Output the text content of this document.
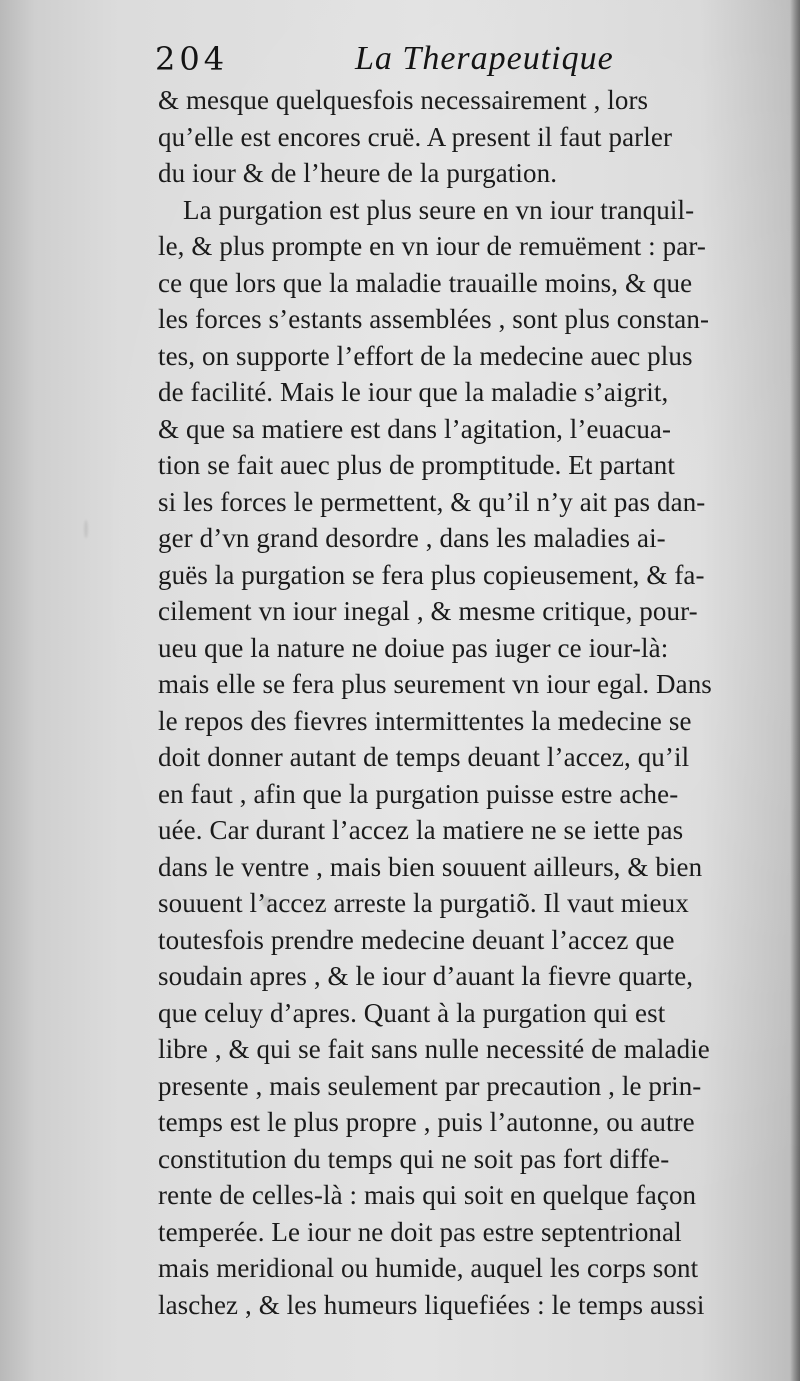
204	La Therapeutique
& mesque quelquesfois necessairement , lors
qu’elle est encores cruë. A present il faut parler
du iour & de l’heure de la purgation.
La purgation est plus seure en vn iour tranquil-
le, & plus prompte en vn iour de remuëment : par-
ce que lors que la maladie trauaille moins, & que
les forces s’estants assemblées , sont plus constan-
tes, on supporte l’effort de la medecine auec plus
de facilité. Mais le iour que la maladie s’aigrit,
& que sa matiere est dans l’agitation, l’euacua-
tion se fait auec plus de promptitude. Et partant
si les forces le permettent, & qu’il n’y ait pas dan-
ger d’vn grand desordre , dans les maladies ai-
guës la purgation se fera plus copieusement, & fa-
cilement vn iour inegal , & mesme critique, pour-
ueu que la nature ne doiue pas iuger ce iour-là:
mais elle se fera plus seurement vn iour egal. Dans
le repos des fievres intermittentes la medecine se
doit donner autant de temps deuant l’accez, qu’il
en faut , afin que la purgation puisse estre ache-
uée. Car durant l’accez la matiere ne se iette pas
dans le ventre , mais bien souuent ailleurs, & bien
souuent l’accez arreste la purgatiõ. Il vaut mieux
toutesfois prendre medecine deuant l’accez que
soudain apres , & le iour d’auant la fievre quarte,
que celuy d’apres. Quant à la purgation qui est
libre , & qui se fait sans nulle necessité de maladie
presente , mais seulement par precaution , le prin-
temps est le plus propre , puis l’autonne, ou autre
constitution du temps qui ne soit pas fort diffe-
rente de celles-là : mais qui soit en quelque façon
temperée. Le iour ne doit pas estre septentrional
mais meridional ou humide, auquel les corps sont
laschez , & les humeurs liquefiées : le temps aussi
